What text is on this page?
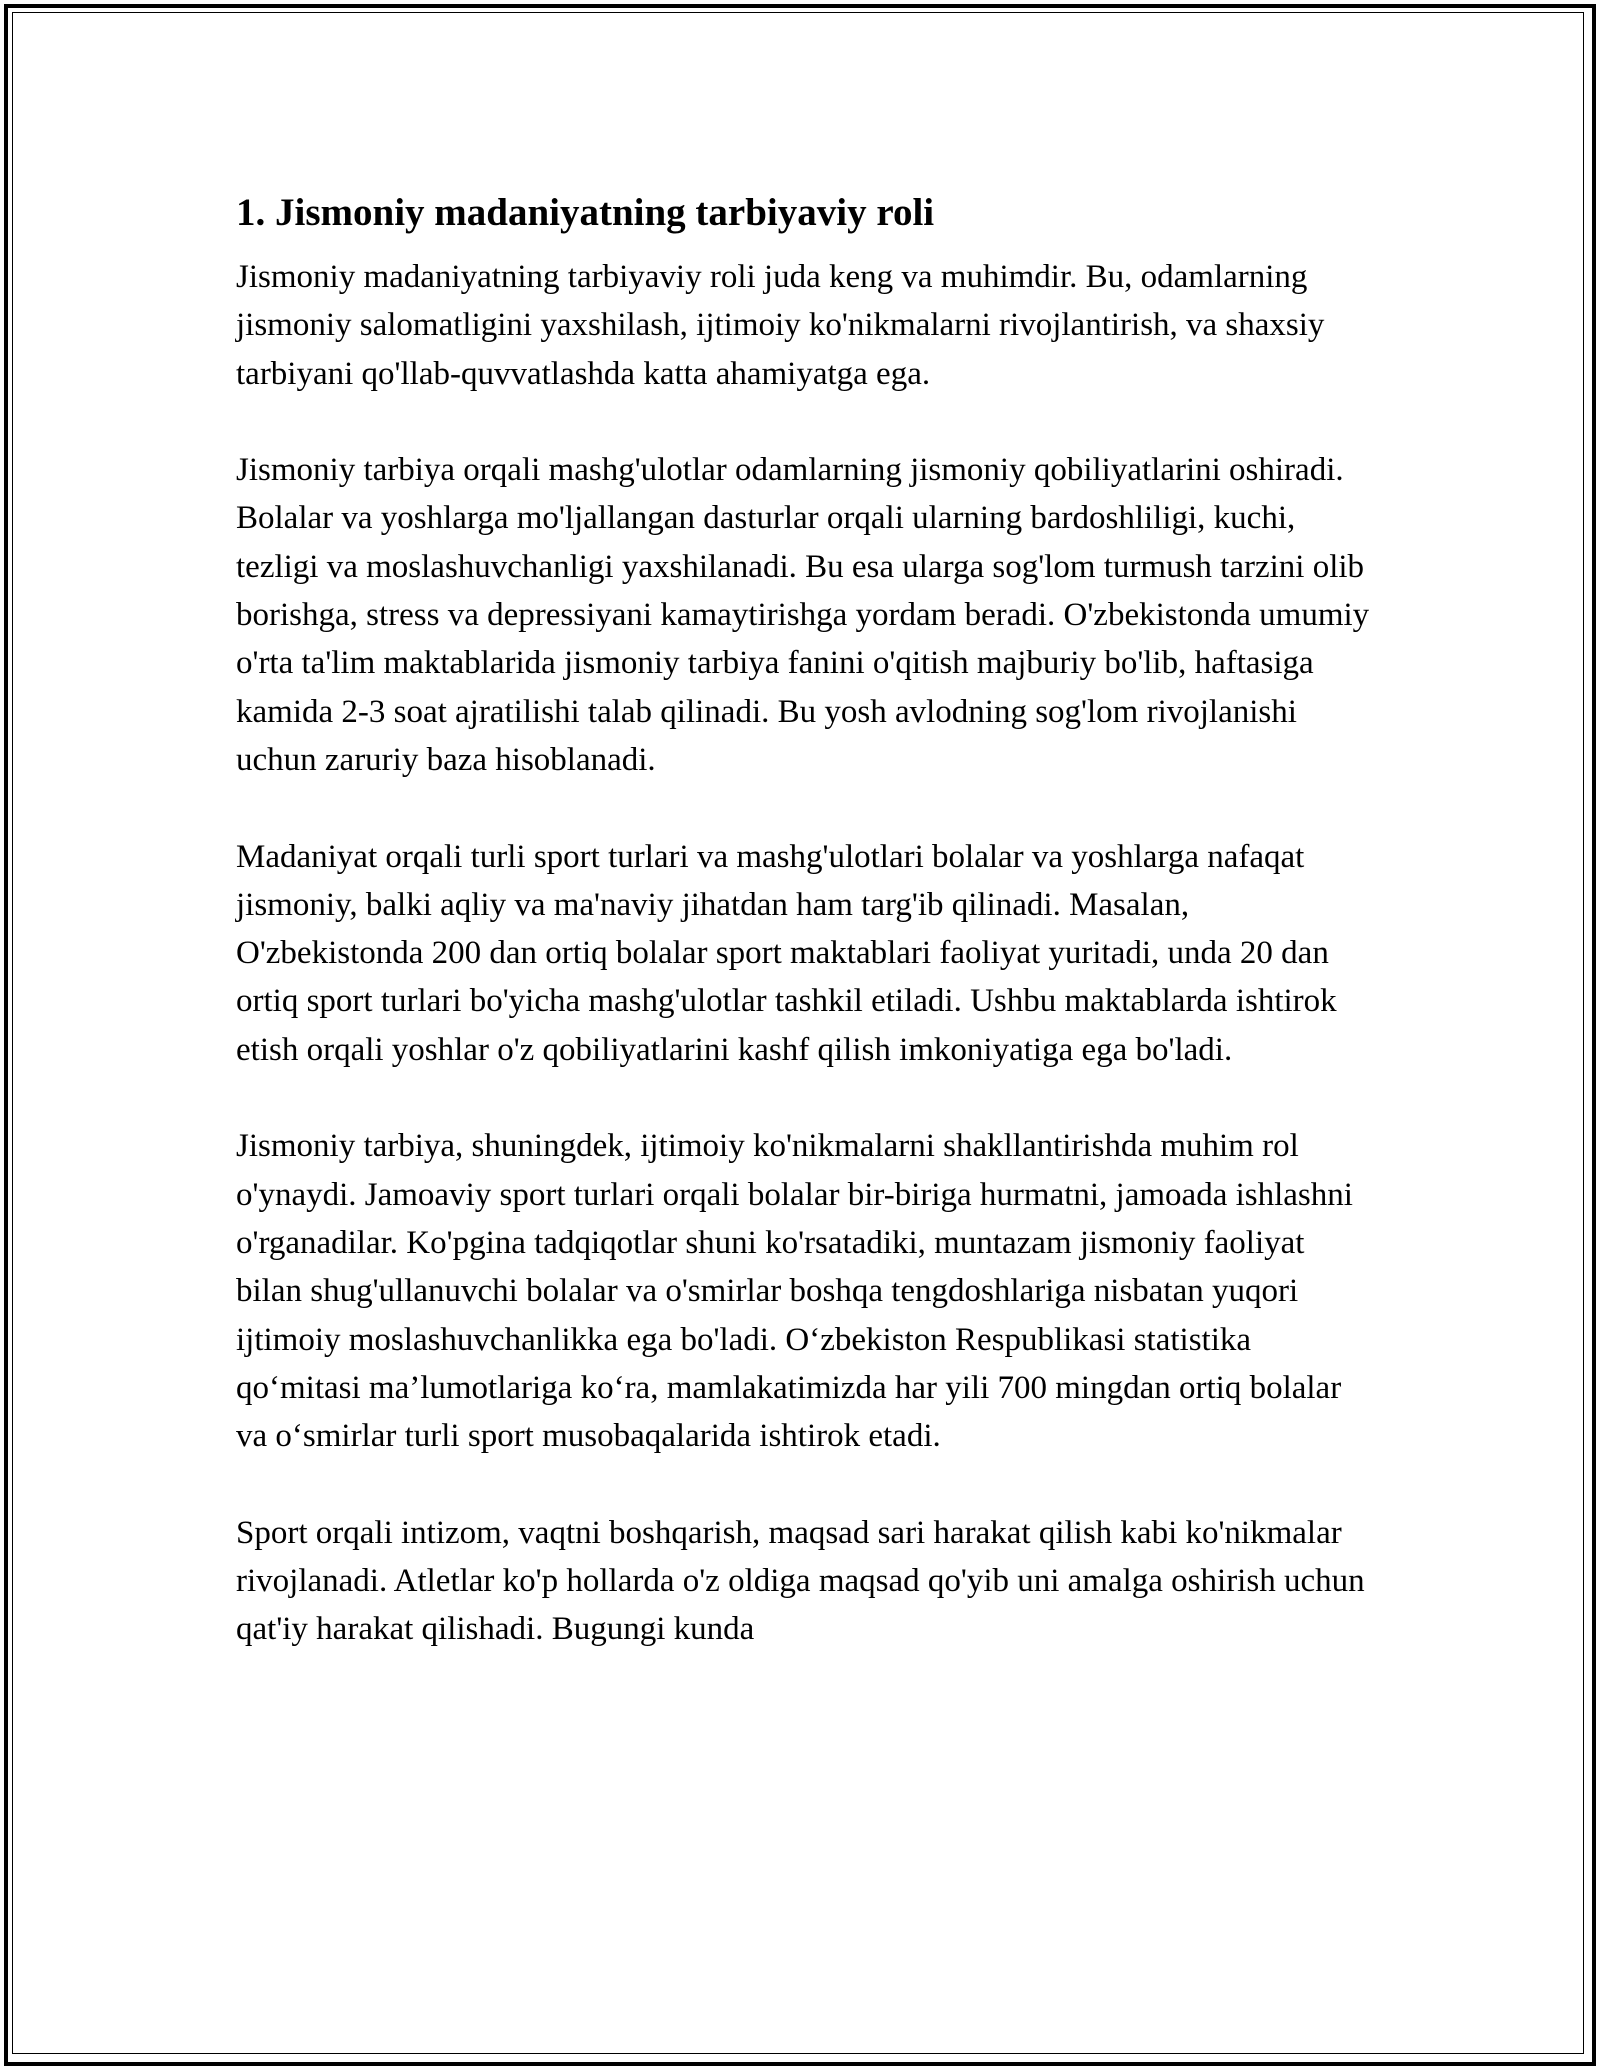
1. Jismoniy madaniyatning tarbiyaviy roli

Jismoniy madaniyatning tarbiyaviy roli juda keng va muhimdir. Bu, odamlarning jismoniy salomatligini yaxshilash, ijtimoiy ko'nikmalarni rivojlantirish, va shaxsiy tarbiyani qo'llab-quvvatlashda katta ahamiyatga ega.

Jismoniy tarbiya orqali mashg'ulotlar odamlarning jismoniy qobiliyatlarini oshiradi. Bolalar va yoshlarga mo'ljallangan dasturlar orqali ularning bardoshliligi, kuchi, tezligi va moslashuvchanligi yaxshilanadi. Bu esa ularga sog'lom turmush tarzini olib borishga, stress va depressiyani kamaytirishga yordam beradi. O'zbekistonda umumiy o'rta ta'lim maktablarida jismoniy tarbiya fanini o'qitish majburiy bo'lib, haftasiga kamida 2-3 soat ajratilishi talab qilinadi. Bu yosh avlodning sog'lom rivojlanishi uchun zaruriy baza hisoblanadi.

Madaniyat orqali turli sport turlari va mashg'ulotlari bolalar va yoshlarga nafaqat jismoniy, balki aqliy va ma'naviy jihatdan ham targ'ib qilinadi. Masalan, O'zbekistonda 200 dan ortiq bolalar sport maktablari faoliyat yuritadi, unda 20 dan ortiq sport turlari bo'yicha mashg'ulotlar tashkil etiladi. Ushbu maktablarda ishtirok etish orqali yoshlar o'z qobiliyatlarini kashf qilish imkoniyatiga ega bo'ladi.

Jismoniy tarbiya, shuningdek, ijtimoiy ko'nikmalarni shakllantirishda muhim rol o'ynaydi. Jamoaviy sport turlari orqali bolalar bir-biriga hurmatni, jamoada ishlashni o'rganadilar. Ko'pgina tadqiqotlar shuni ko'rsatadiki, muntazam jismoniy faoliyat bilan shug'ullanuvchi bolalar va o'smirlar boshqa tengdoshlariga nisbatan yuqori ijtimoiy moslashuvchanlikka ega bo'ladi. O‘zbekiston Respublikasi statistika qo‘mitasi ma’lumotlariga ko‘ra, mamlakatimizda har yili 700 mingdan ortiq bolalar va o‘smirlar turli sport musobaqalarida ishtirok etadi.

Sport orqali intizom, vaqtni boshqarish, maqsad sari harakat qilish kabi ko'nikmalar rivojlanadi. Atletlar ko'p hollarda o'z oldiga maqsad qo'yib uni amalga oshirish uchun qat'iy harakat qilishadi. Bugungi kunda
